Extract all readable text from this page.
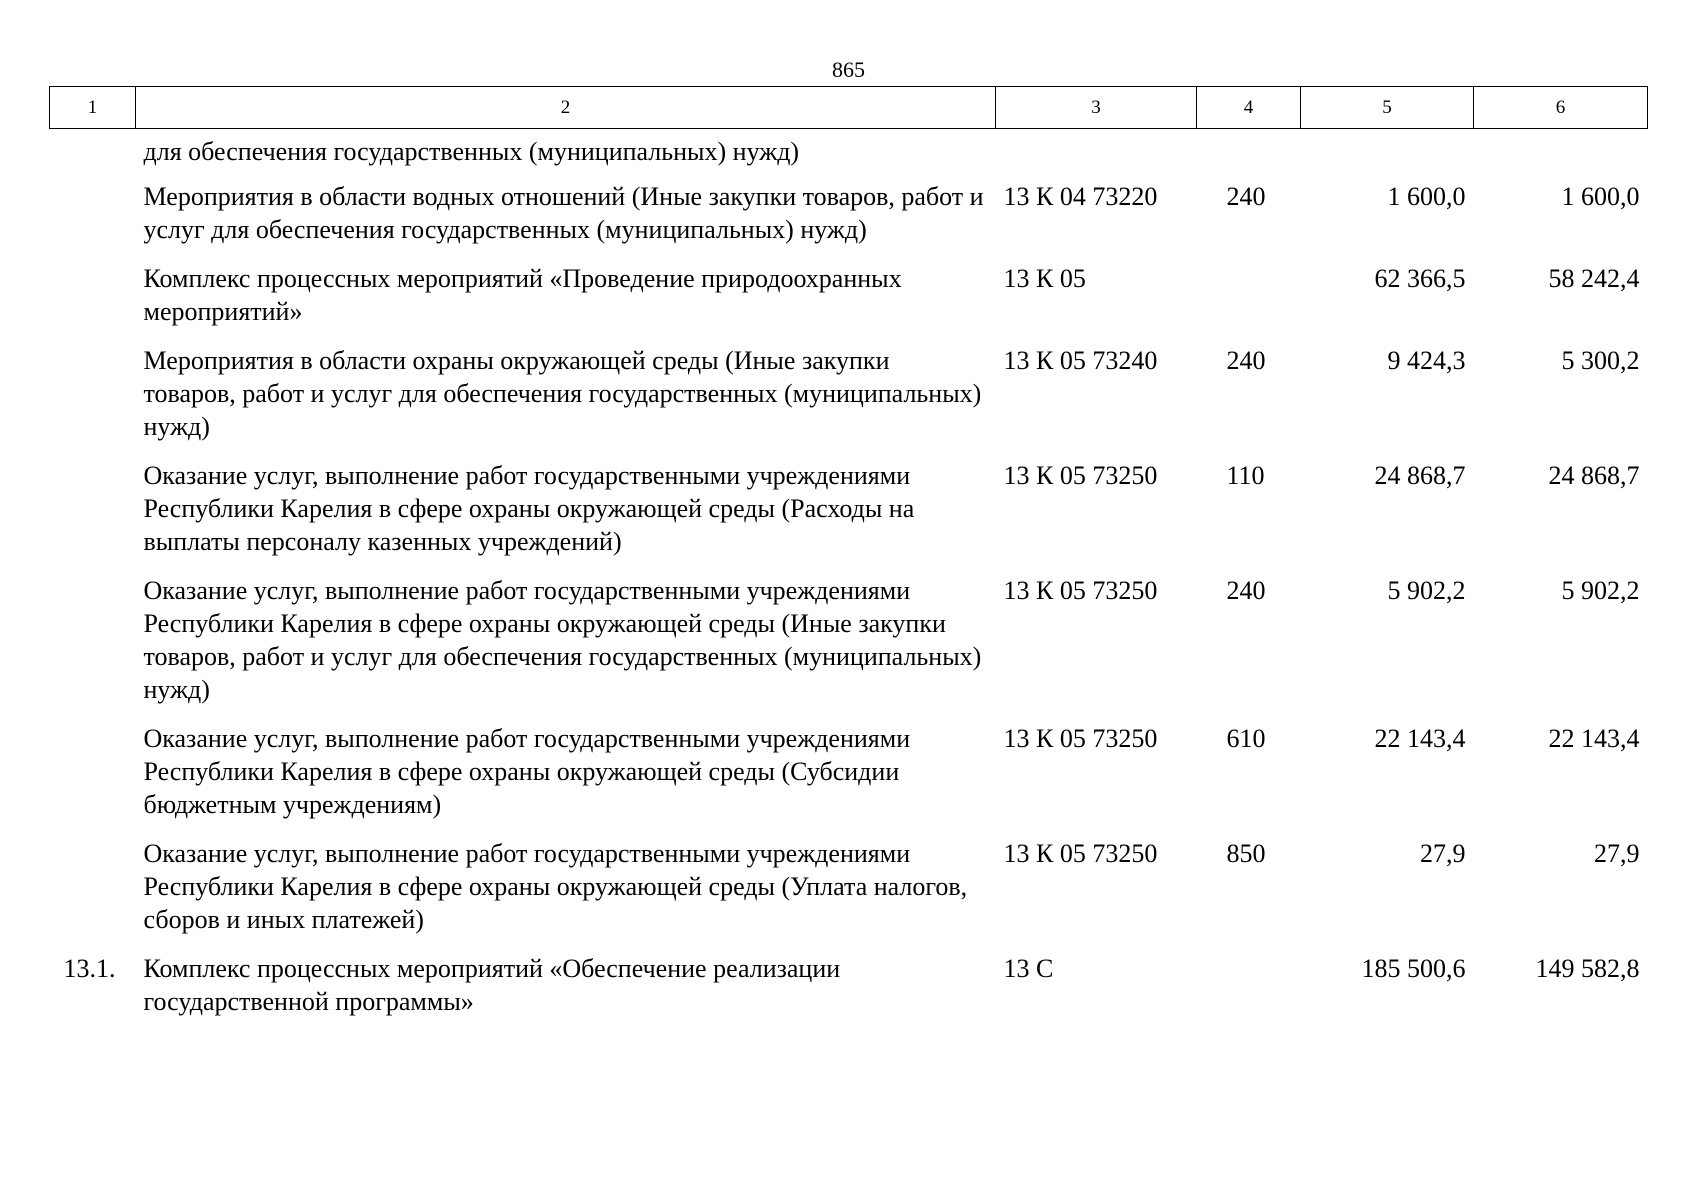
865
1	2	3	4	5	6
	для обеспечения государственных (муниципальных) нужд)				
	Мероприятия в области водных отношений (Иные закупки товаров, работ и услуг для обеспечения государственных (муниципальных) нужд)	13 К 04 73220	240	1 600,0	1 600,0
	Комплекс процессных мероприятий «Проведение природоохранных мероприятий»	13 К 05		62 366,5	58 242,4
	Мероприятия в области охраны окружающей среды (Иные закупки товаров, работ и услуг для обеспечения государственных (муниципальных) нужд)	13 К 05 73240	240	9 424,3	5 300,2
	Оказание услуг, выполнение работ государственными учреждениями Республики Карелия в сфере охраны окружающей среды (Расходы на выплаты персоналу казенных учреждений)	13 К 05 73250	110	24 868,7	24 868,7
	Оказание услуг, выполнение работ государственными учреждениями Республики Карелия в сфере охраны окружающей среды (Иные закупки товаров, работ и услуг для обеспечения государственных (муниципальных) нужд)	13 К 05 73250	240	5 902,2	5 902,2
	Оказание услуг, выполнение работ государственными учреждениями Республики Карелия в сфере охраны окружающей среды (Субсидии бюджетным учреждениям)	13 К 05 73250	610	22 143,4	22 143,4
	Оказание услуг, выполнение работ государственными учреждениями Республики Карелия в сфере охраны окружающей среды (Уплата налогов, сборов и иных платежей)	13 К 05 73250	850	27,9	27,9
13.1.	Комплекс процессных мероприятий «Обеспечение реализации государственной программы»	13 С		185 500,6	149 582,8
